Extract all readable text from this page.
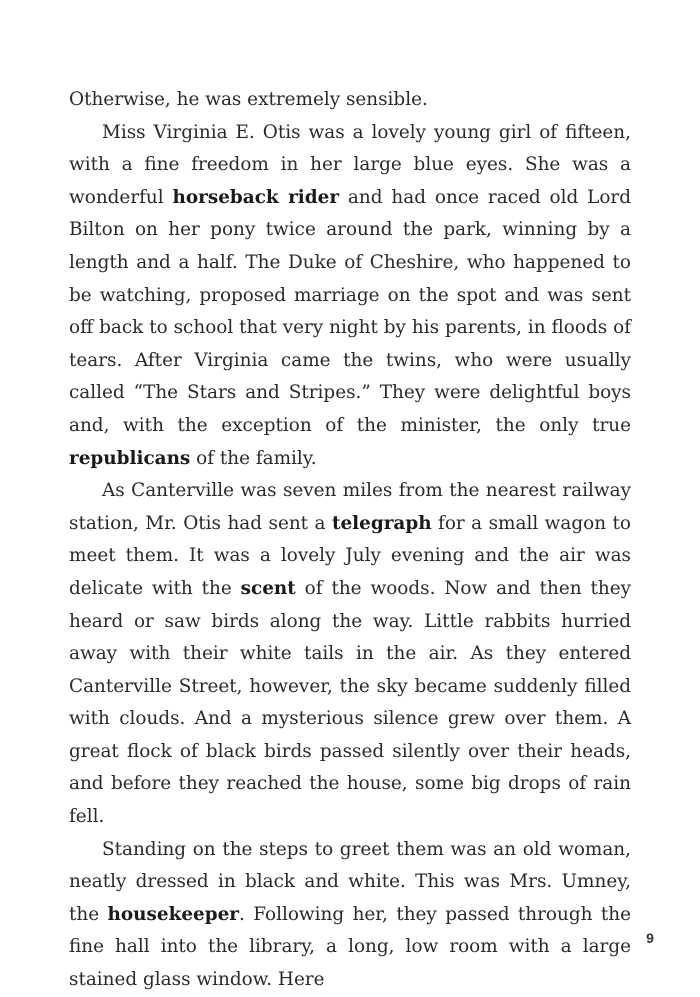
Otherwise, he was extremely sensible.

Miss Virginia E. Otis was a lovely young girl of fifteen, with a fine freedom in her large blue eyes. She was a wonderful horseback rider and had once raced old Lord Bilton on her pony twice around the park, winning by a length and a half. The Duke of Cheshire, who happened to be watching, proposed marriage on the spot and was sent off back to school that very night by his parents, in floods of tears. After Virginia came the twins, who were usually called “The Stars and Stripes.” They were delightful boys and, with the exception of the minister, the only true republicans of the family.

As Canterville was seven miles from the nearest railway station, Mr. Otis had sent a telegraph for a small wagon to meet them. It was a lovely July evening and the air was delicate with the scent of the woods. Now and then they heard or saw birds along the way. Little rabbits hurried away with their white tails in the air. As they entered Canterville Street, however, the sky became suddenly filled with clouds. And a mysterious silence grew over them. A great flock of black birds passed silently over their heads, and before they reached the house, some big drops of rain fell.

Standing on the steps to greet them was an old woman, neatly dressed in black and white. This was Mrs. Umney, the housekeeper. Following her, they passed through the fine hall into the library, a long, low room with a large stained glass window. Here

9
